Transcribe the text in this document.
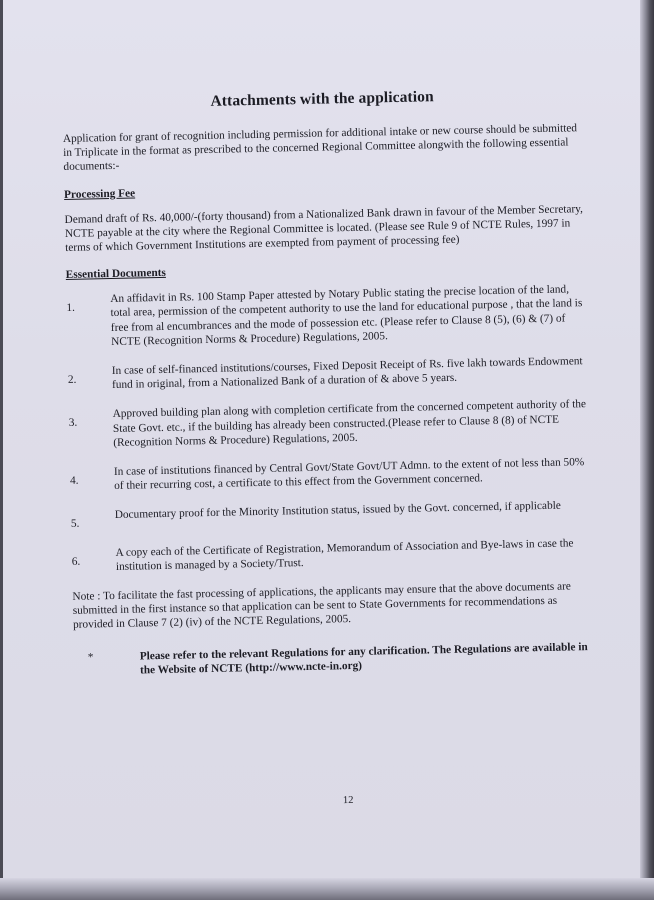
Attachments with the application

Application for grant of recognition including permission for additional intake or new course should be submitted in Triplicate in the format as prescribed to the concerned Regional Committee alongwith the following essential documents:-

Processing Fee

Demand draft of Rs. 40,000/-(forty thousand) from a Nationalized Bank drawn in favour of the Member Secretary, NCTE payable at the city where the Regional Committee is located. (Please see Rule 9 of NCTE Rules, 1997 in terms of which Government Institutions are exempted from payment of processing fee)

Essential Documents
1.
An affidavit in Rs. 100 Stamp Paper attested by Notary Public stating the precise location of the land, total area, permission of the competent authority to use the land for educational purpose , that the land is free from al encumbrances and the mode of possession etc. (Please refer to Clause 8 (5), (6) & (7) of NCTE (Recognition Norms & Procedure) Regulations, 2005.
2.
In case of self-financed institutions/courses, Fixed Deposit Receipt of Rs. five lakh towards Endowment fund in original, from a Nationalized Bank of a duration of & above 5 years.
3.
Approved building plan along with completion certificate from the concerned competent authority of the State Govt. etc., if the building has already been constructed.(Please refer to Clause 8 (8) of NCTE (Recognition Norms & Procedure) Regulations, 2005.
4.
In case of institutions financed by Central Govt/State Govt/UT Admn. to the extent of not less than 50% of their recurring cost, a certificate to this effect from the Government concerned.
5.
Documentary proof for the Minority Institution status, issued by the Govt. concerned, if applicable
6.
A copy each of the Certificate of Registration, Memorandum of Association and Bye-laws in case the institution is managed by a Society/Trust.

Note : To facilitate the fast processing of applications, the applicants may ensure that the above documents are submitted in the first instance so that application can be sent to State Governments for recommendations as provided in Clause 7 (2) (iv) of the NCTE Regulations, 2005.

*	Please refer to the relevant Regulations for any clarification. The Regulations are available in the Website of NCTE (http://www.ncte-in.org)
12
